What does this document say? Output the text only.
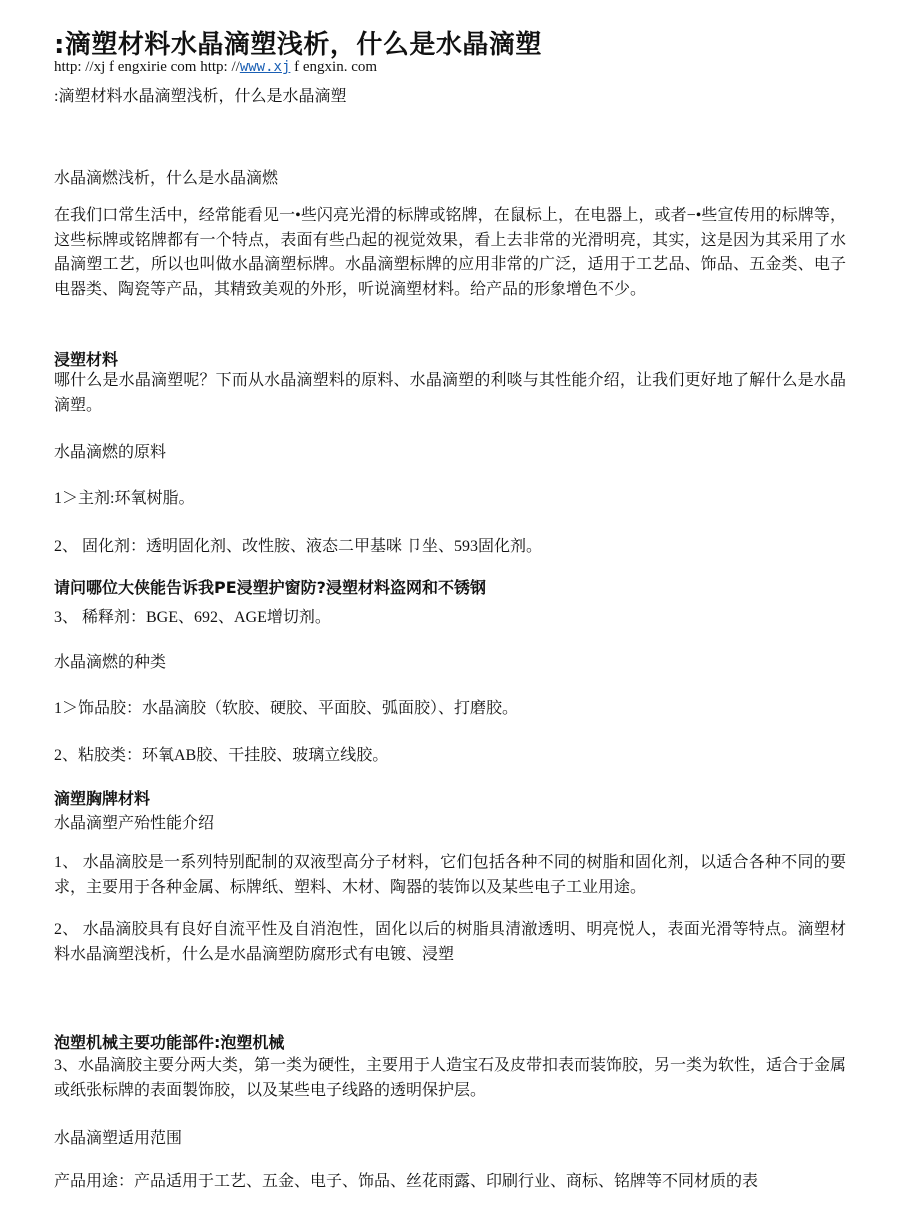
:滴塑材料水晶滴塑浅析，什么是水晶滴塑
http: //xj f engxirie com http: //www.xj f engxin. com
:滴塑材料水晶滴塑浅析，什么是水晶滴塑
水晶滴燃浅析，什么是水晶滴燃
在我们口常生活中，经常能看见一•些闪亮光滑的标牌或铭牌，在鼠标上，在电器上，或者−•些宣传用的标牌等，这些标牌或铭牌都有一个特点，表面有些凸起的视觉效果，看上去非常的光滑明亮，其实，这是因为其采用了水晶滴塑工艺，所以也叫做水晶滴塑标牌。水晶滴塑标牌的应用非常的广泛，适用于工艺品、饰品、五金类、电子电器类、陶瓷等产品，其精致美观的外形，听说滴塑材料。给产品的形象增色不少。
浸塑材料
哪什么是水晶滴塑呢？下而从水晶滴塑料的原料、水晶滴塑的利啖与其性能介绍，让我们更好地了解什么是水晶滴塑。
水晶滴燃的原料
1＞主剂:环氧树脂。
2、 固化剂：透明固化剂、改性胺、液态二甲基咪 卩坐、593固化剂。
请问哪位大侠能告诉我PE浸塑护窗防?浸塑材料盗网和不锈钢
3、 稀释剂：BGE、692、AGE增切剂。
水晶滴燃的种类
1＞饰品胶：水晶滴胶（软胶、硬胶、平面胶、弧面胶）、打磨胶。
2、粘胶类：环氧AB胶、干挂胶、玻璃立线胶。
滴塑胸牌材料
水晶滴塑产殆性能介绍
1、 水晶滴胶是一系列特别配制的双液型高分子材料，它们包括各种不同的树脂和固化剂，以适合各种不同的要求，主要用于各种金属、标牌纸、塑料、木材、陶器的装饰以及某些电子工业用途。
2、 水晶滴胶具有良好自流平性及自消泡性，固化以后的树脂具清澈透明、明亮悦人，表面光滑等特点。滴塑材料水晶滴塑浅析，什么是水晶滴塑防腐形式有电镀、浸塑
泡塑机械主要功能部件:泡塑机械
3、水晶滴胶主要分两大类，第一类为硬性，主要用于人造宝石及皮带扣表而装饰胶，另一类为软性，适合于金属或纸张标牌的表面製饰胶，以及某些电子线路的透明保护层。
水晶滴塑适用范围
产品用途：产品适用于工艺、五金、电子、饰品、丝花雨露、印刷行业、商标、铭牌等不同材质的表
